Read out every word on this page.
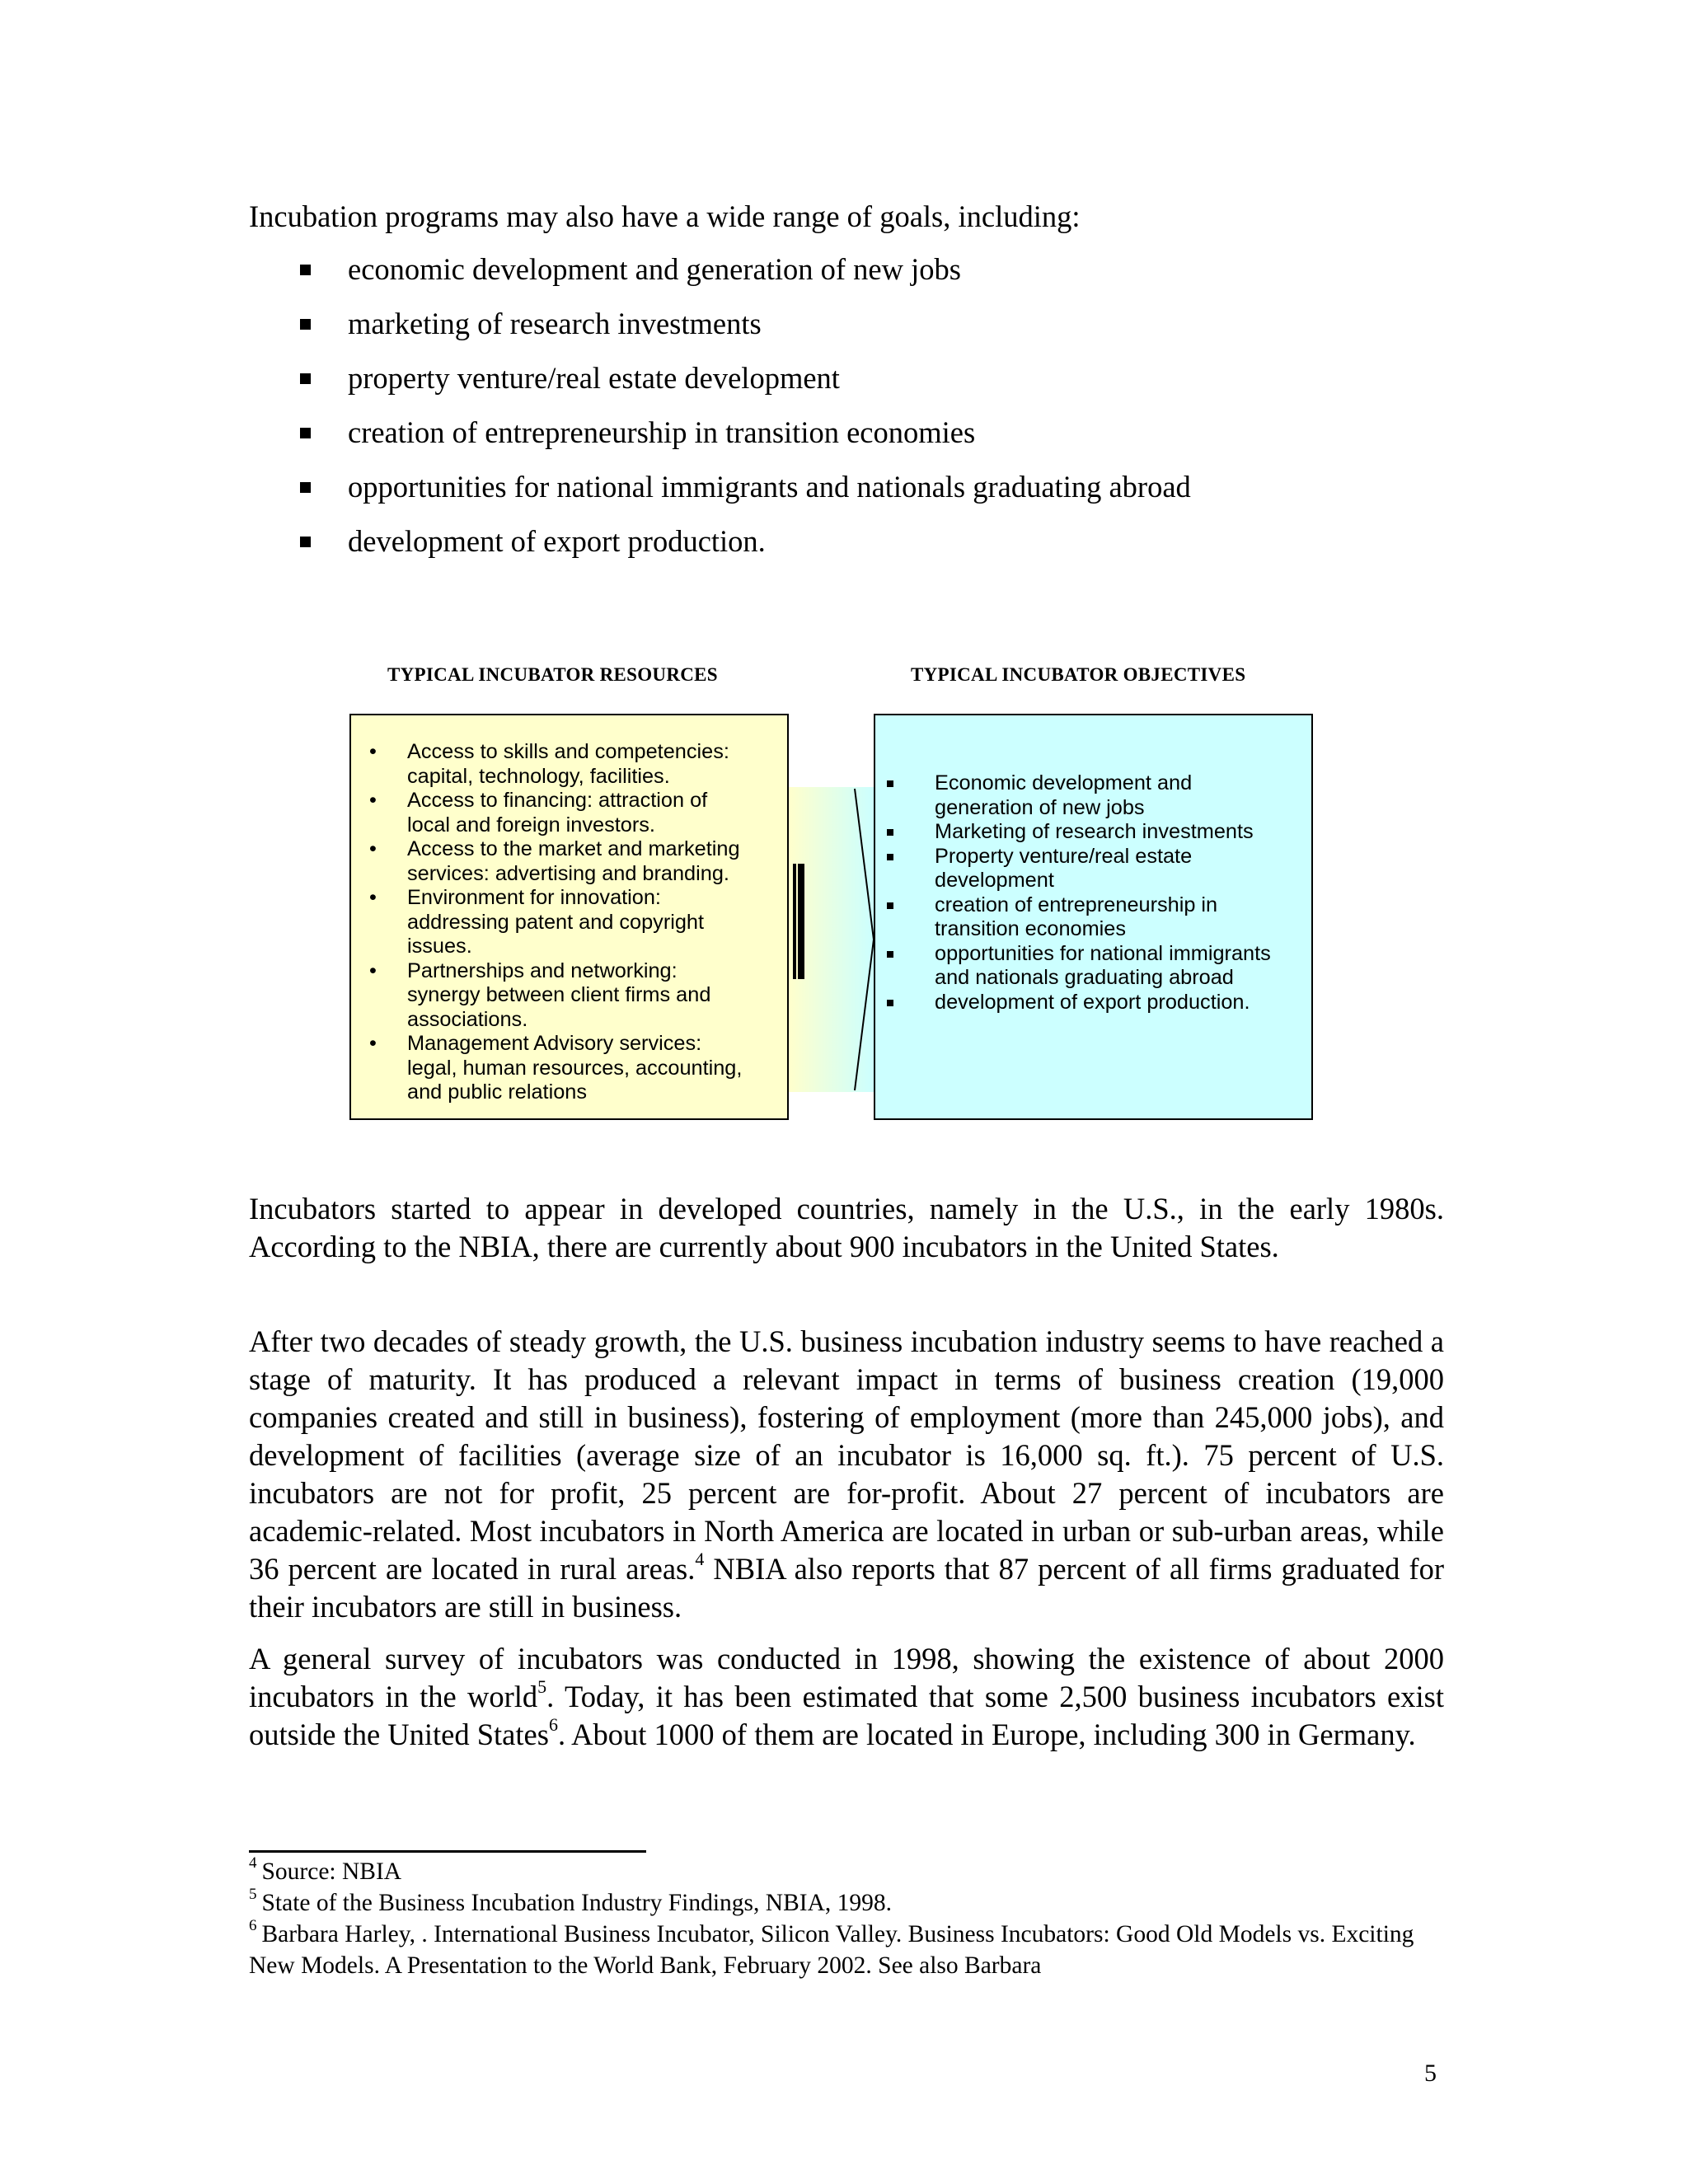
Incubation programs may also have a wide range of goals, including:
economic development and generation of new jobs
marketing of research investments
property venture/real estate development
creation of entrepreneurship in transition economies
opportunities for national immigrants and nationals graduating abroad
development of export production.
TYPICAL INCUBATOR RESOURCES	TYPICAL INCUBATOR OBJECTIVES
• Access to skills and competencies:
capital, technology, facilities.
• Access to financing: attraction of
local and foreign investors.
• Access to the market and marketing
services: advertising and branding.
• Environment for innovation:
addressing patent and copyright
issues.
• Partnerships and networking:
synergy between client firms and
associations.
• Management Advisory services:
legal, human resources, accounting,
and public relations
Economic development and
generation of new jobs
Marketing of research investments
Property venture/real estate
development
creation of entrepreneurship in
transition economies
opportunities for national immigrants
and nationals graduating abroad
development of export production.
Incubators started to appear in developed countries, namely in the U.S., in the early 1980s. According to the NBIA, there are currently about 900 incubators in the United States.
After two decades of steady growth, the U.S. business incubation industry seems to have reached a stage of maturity. It has produced a relevant impact in terms of business creation (19,000 companies created and still in business), fostering of employment (more than 245,000 jobs), and development of facilities (average size of an incubator is 16,000 sq. ft.). 75 percent of U.S. incubators are not for profit, 25 percent are for-profit. About 27 percent of incubators are academic-related. Most incubators in North America are located in urban or sub-urban areas, while 36 percent are located in rural areas.$^4$ NBIA also reports that 87 percent of all firms graduated for their incubators are still in business.
A general survey of incubators was conducted in 1998, showing the existence of about 2000 incubators in the world$^5$. Today, it has been estimated that some 2,500 business incubators exist outside the United States$^6$. About 1000 of them are located in Europe, including 300 in Germany.

$^4$ Source: NBIA

$^5$ State of the Business Incubation Industry Findings, NBIA, 1998.

$^6$ Barbara Harley, . International Business Incubator, Silicon Valley. Business Incubators: Good Old Models vs. Exciting New Models. A Presentation to the World Bank, February 2002. See also Barbara

5
